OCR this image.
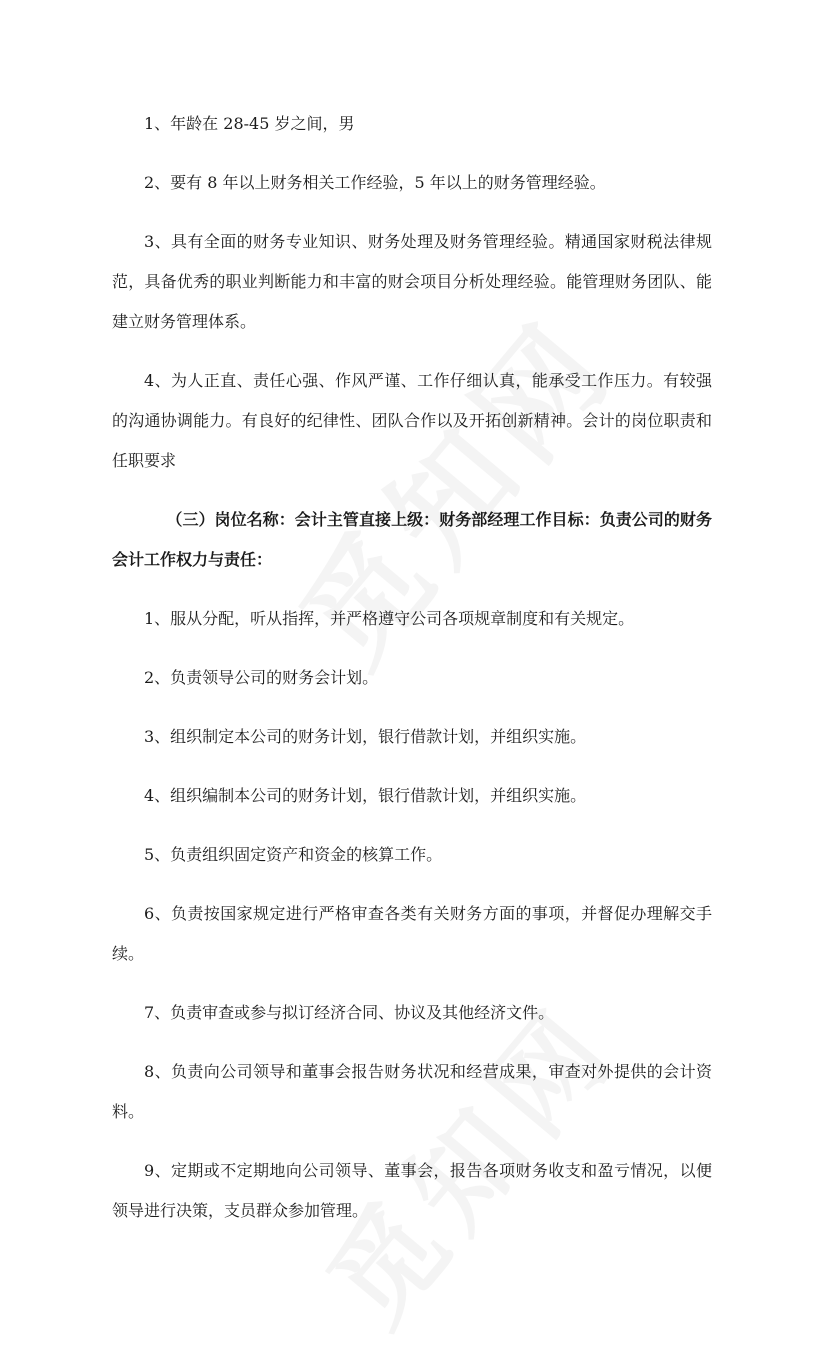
1、年龄在 28-45 岁之间，男

2、要有 8 年以上财务相关工作经验，5 年以上的财务管理经验。

3、具有全面的财务专业知识、财务处理及财务管理经验。精通国家财税法律规范，具备优秀的职业判断能力和丰富的财会项目分析处理经验。能管理财务团队、能建立财务管理体系。

4、为人正直、责任心强、作风严谨、工作仔细认真，能承受工作压力。有较强的沟通协调能力。有良好的纪律性、团队合作以及开拓创新精神。会计的岗位职责和任职要求

（三）岗位名称：会计主管直接上级：财务部经理工作目标：负责公司的财务会计工作权力与责任：

1、服从分配，听从指挥，并严格遵守公司各项规章制度和有关规定。

2、负责领导公司的财务会计划。

3、组织制定本公司的财务计划，银行借款计划，并组织实施。

4、组织编制本公司的财务计划，银行借款计划，并组织实施。

5、负责组织固定资产和资金的核算工作。

6、负责按国家规定进行严格审查各类有关财务方面的事项，并督促办理解交手续。

7、负责审查或参与拟订经济合同、协议及其他经济文件。

8、负责向公司领导和董事会报告财务状况和经营成果，审查对外提供的会计资料。

9、定期或不定期地向公司领导、董事会，报告各项财务收支和盈亏情况，以便领导进行决策，支员群众参加管理。
